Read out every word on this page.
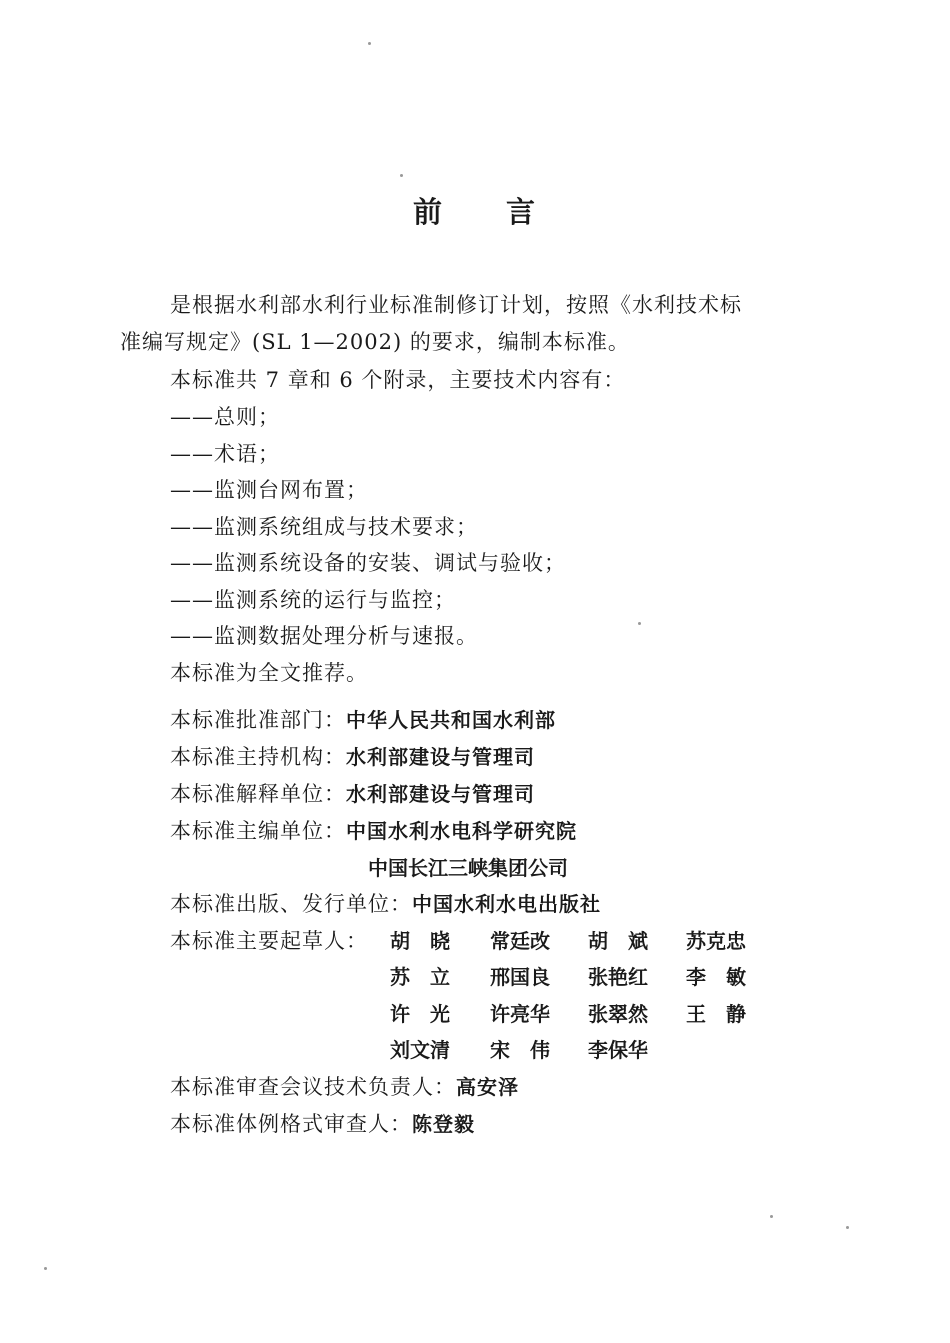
前 言
是根据水利部水利行业标准制修订计划，按照《水利技术标
准编写规定》(SL 1—2002) 的要求，编制本标准。
本标准共 7 章和 6 个附录，主要技术内容有：
——总则；
——术语；
——监测台网布置；
——监测系统组成与技术要求；
——监测系统设备的安装、调试与验收；
——监测系统的运行与监控；
——监测数据处理分析与速报。
本标准为全文推荐。
本标准批准部门：中华人民共和国水利部
本标准主持机构：水利部建设与管理司
本标准解释单位：水利部建设与管理司
本标准主编单位：中国水利水电科学研究院
中国长江三峡集团公司
本标准出版、发行单位：中国水利水电出版社
本标准主要起草人： 胡　晓 常廷改 胡　斌 苏克忠
苏　立 邢国良 张艳红 李　敏
许　光 许亮华 张翠然 王　静
刘文清 宋　伟 李保华
本标准审查会议技术负责人：高安泽
本标准体例格式审查人：陈登毅
